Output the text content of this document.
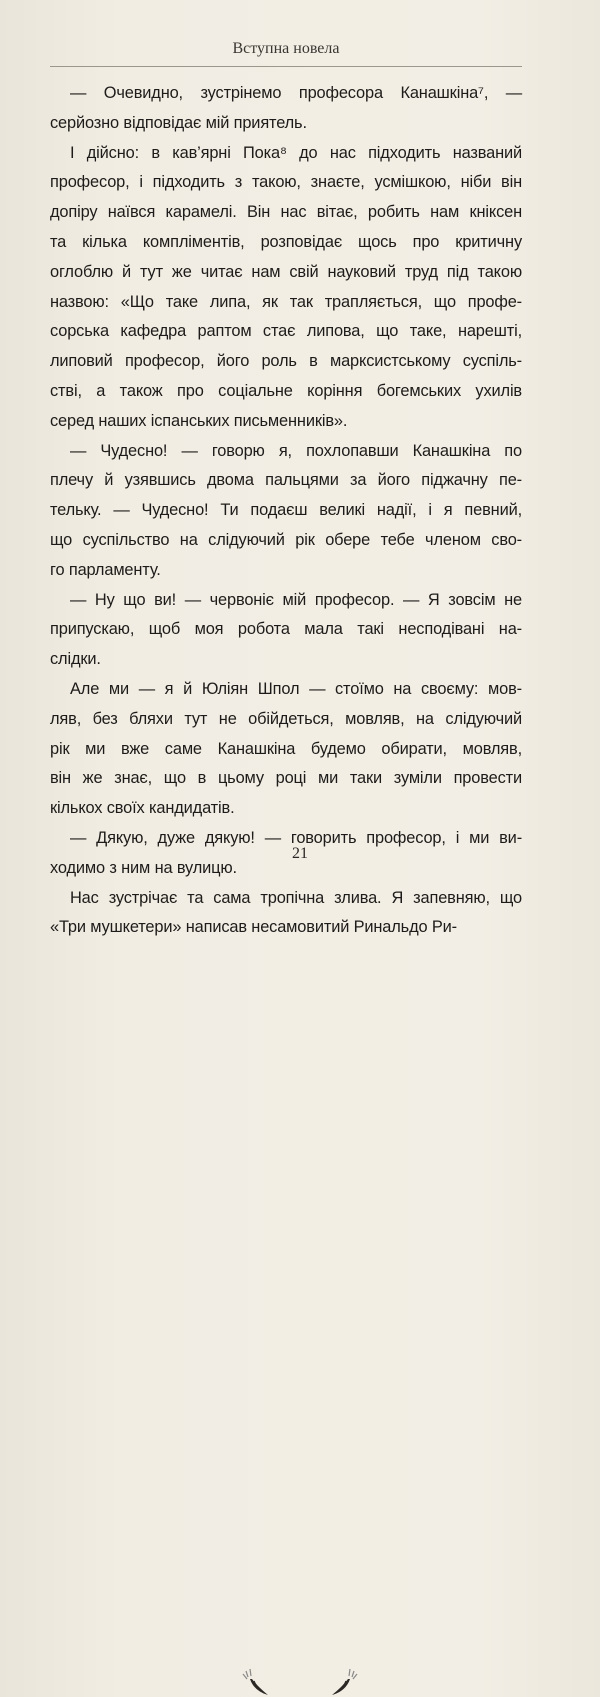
Вступна новела
— Очевидно, зустрінемо професора Канашкіна⁷, —
серйозно відповідає мій приятель.
І дійсно: в кав’ярні Пока⁸ до нас підходить названий
професор, і підходить з такою, знаєте, усмішкою, ніби він
допіру наївся карамелі. Він нас вітає, робить нам кніксен
та кілька компліментів, розповідає щось про критичну
оглоблю й тут же читає нам свій науковий труд під такою
назвою: «Що таке липа, як так трапляється, що профе-
сорська кафедра раптом стає липова, що таке, нарешті,
липовий професор, його роль в марксистському суспіль-
стві, а також про соціальне коріння богемських ухилів
серед наших іспанських письменників».
— Чудесно! — говорю я, похлопавши Канашкіна по
плечу й узявшись двома пальцями за його піджачну пе-
тельку. — Чудесно! Ти подаєш великі надії, і я певний,
що суспільство на слідуючий рік обере тебе членом сво-
го парламенту.
— Ну що ви! — червоніє мій професор. — Я зовсім не
припускаю, щоб моя робота мала такі несподівані на-
слідки.
Але ми — я й Юліян Шпол — стоїмо на своєму: мов-
ляв, без бляхи тут не обійдеться, мовляв, на слідуючий
рік ми вже саме Канашкіна будемо обирати, мовляв,
він же знає, що в цьому році ми таки зуміли провести
кількох своїх кандидатів.
— Дякую, дуже дякую! — говорить професор, і ми ви-
ходимо з ним на вулицю.
Нас зустрічає та сама тропічна злива. Я запевняю, що
«Три мушкетери» написав несамовитий Ринальдо Ри-
21
